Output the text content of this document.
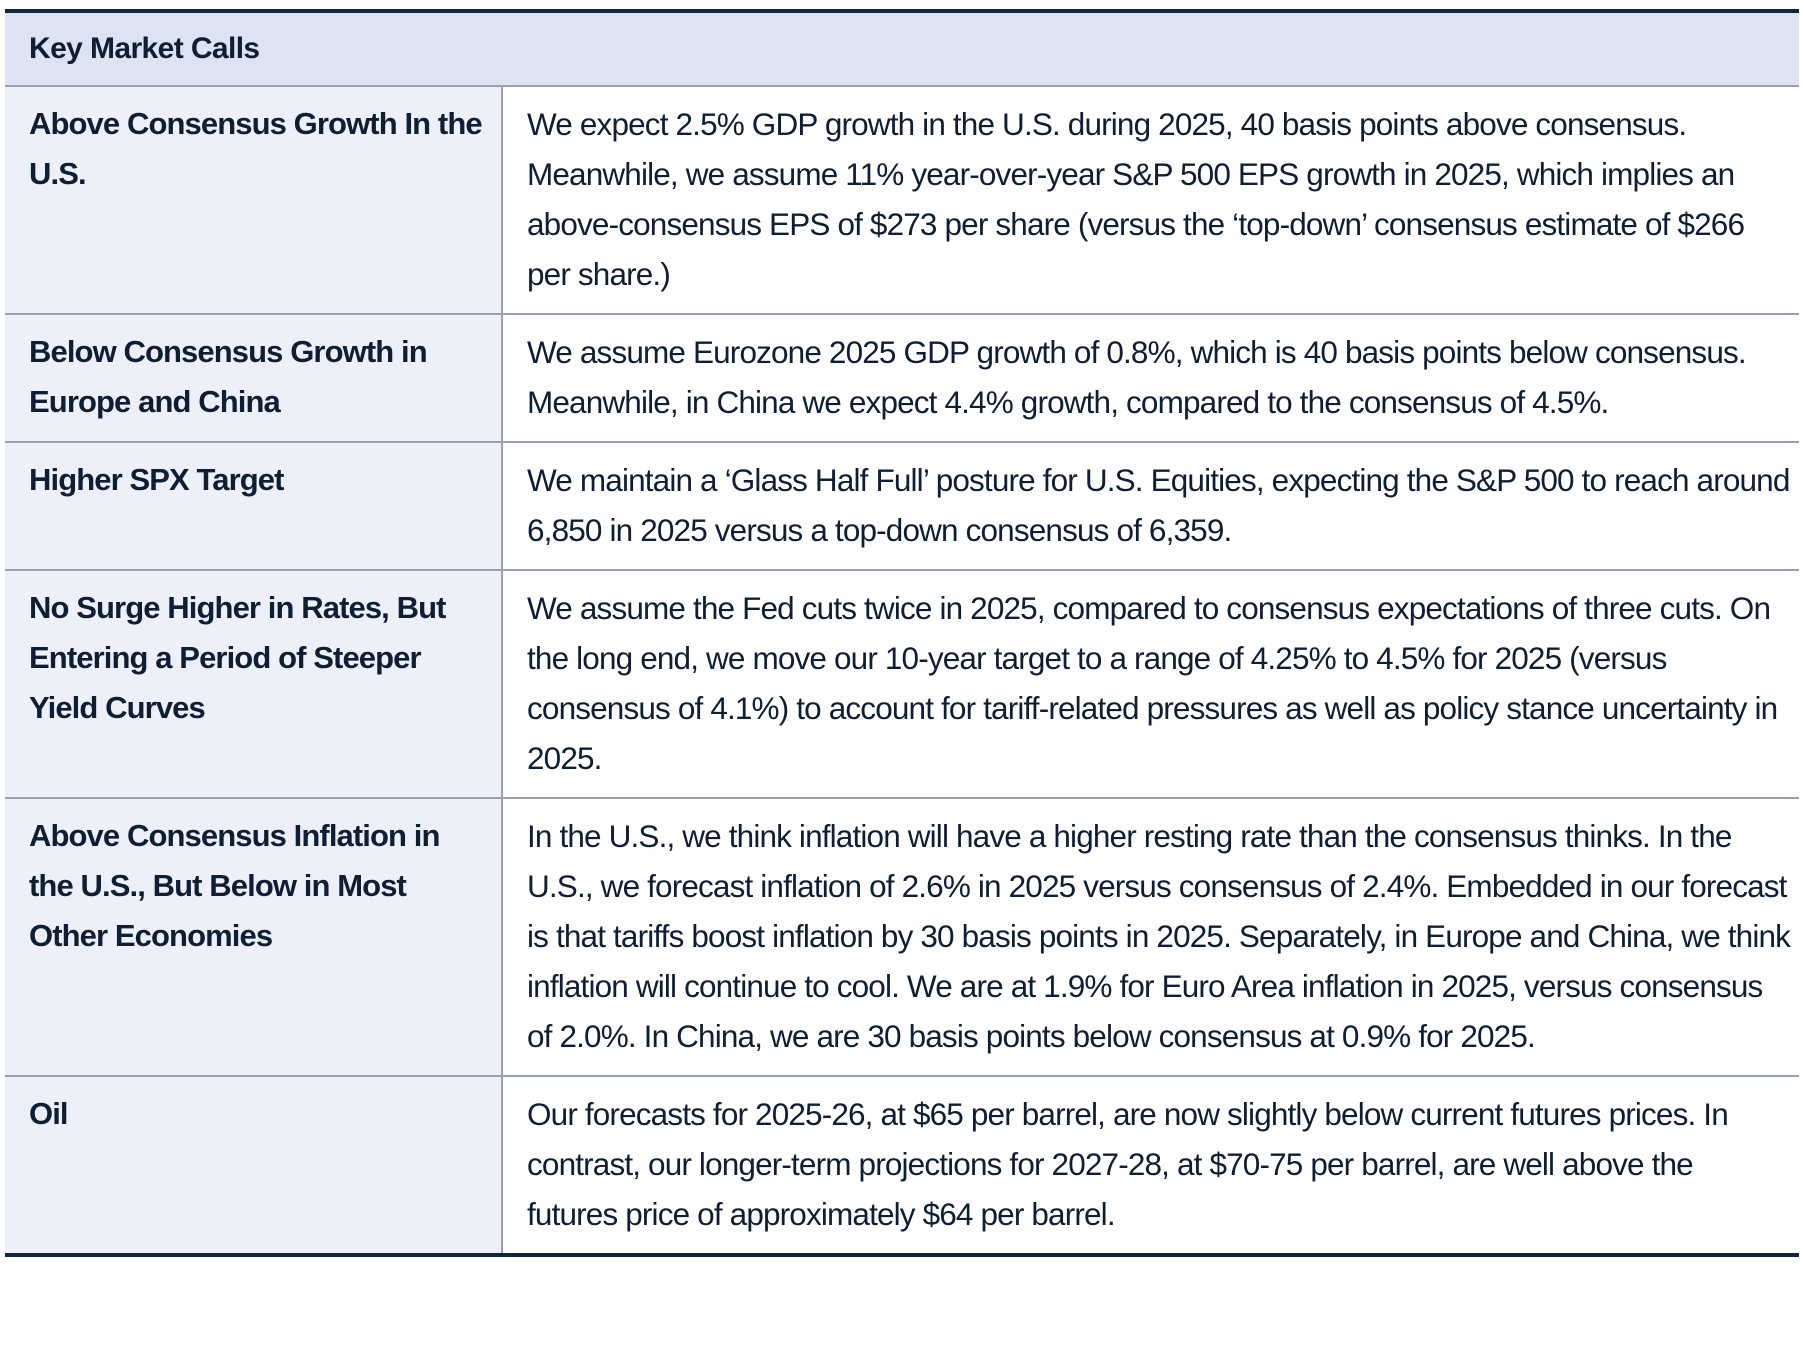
Key Market Calls	
Above Consensus Growth In the U.S.	We expect 2.5% GDP growth in the U.S. during 2025, 40 basis points above consensus. Meanwhile, we assume 11% year-over-year S&P 500 EPS growth in 2025, which implies an above-consensus EPS of $273 per share (versus the ‘top-down’ consensus estimate of $266 per share.)
Below Consensus Growth in Europe and China	We assume Eurozone 2025 GDP growth of 0.8%, which is 40 basis points below consensus. Meanwhile, in China we expect 4.4% growth, compared to the consensus of 4.5%.
Higher SPX Target	We maintain a ‘Glass Half Full’ posture for U.S. Equities, expecting the S&P 500 to reach around 6,850 in 2025 versus a top-down consensus of 6,359.
No Surge Higher in Rates, But Entering a Period of Steeper Yield Curves	We assume the Fed cuts twice in 2025, compared to consensus expectations of three cuts. On the long end, we move our 10-year target to a range of 4.25% to 4.5% for 2025 (versus consensus of 4.1%) to account for tariff-related pressures as well as policy stance uncertainty in 2025.
Above Consensus Inflation in the U.S., But Below in Most Other Economies	In the U.S., we think inflation will have a higher resting rate than the consensus thinks. In the U.S., we forecast inflation of 2.6% in 2025 versus consensus of 2.4%. Embedded in our forecast is that tariffs boost inflation by 30 basis points in 2025. Separately, in Europe and China, we think inflation will continue to cool. We are at 1.9% for Euro Area inflation in 2025, versus consensus of 2.0%. In China, we are 30 basis points below consensus at 0.9% for 2025.
Oil	Our forecasts for 2025-26, at $65 per barrel, are now slightly below current futures prices. In contrast, our longer-term projections for 2027-28, at $70-75 per barrel, are well above the futures price of approximately $64 per barrel.
